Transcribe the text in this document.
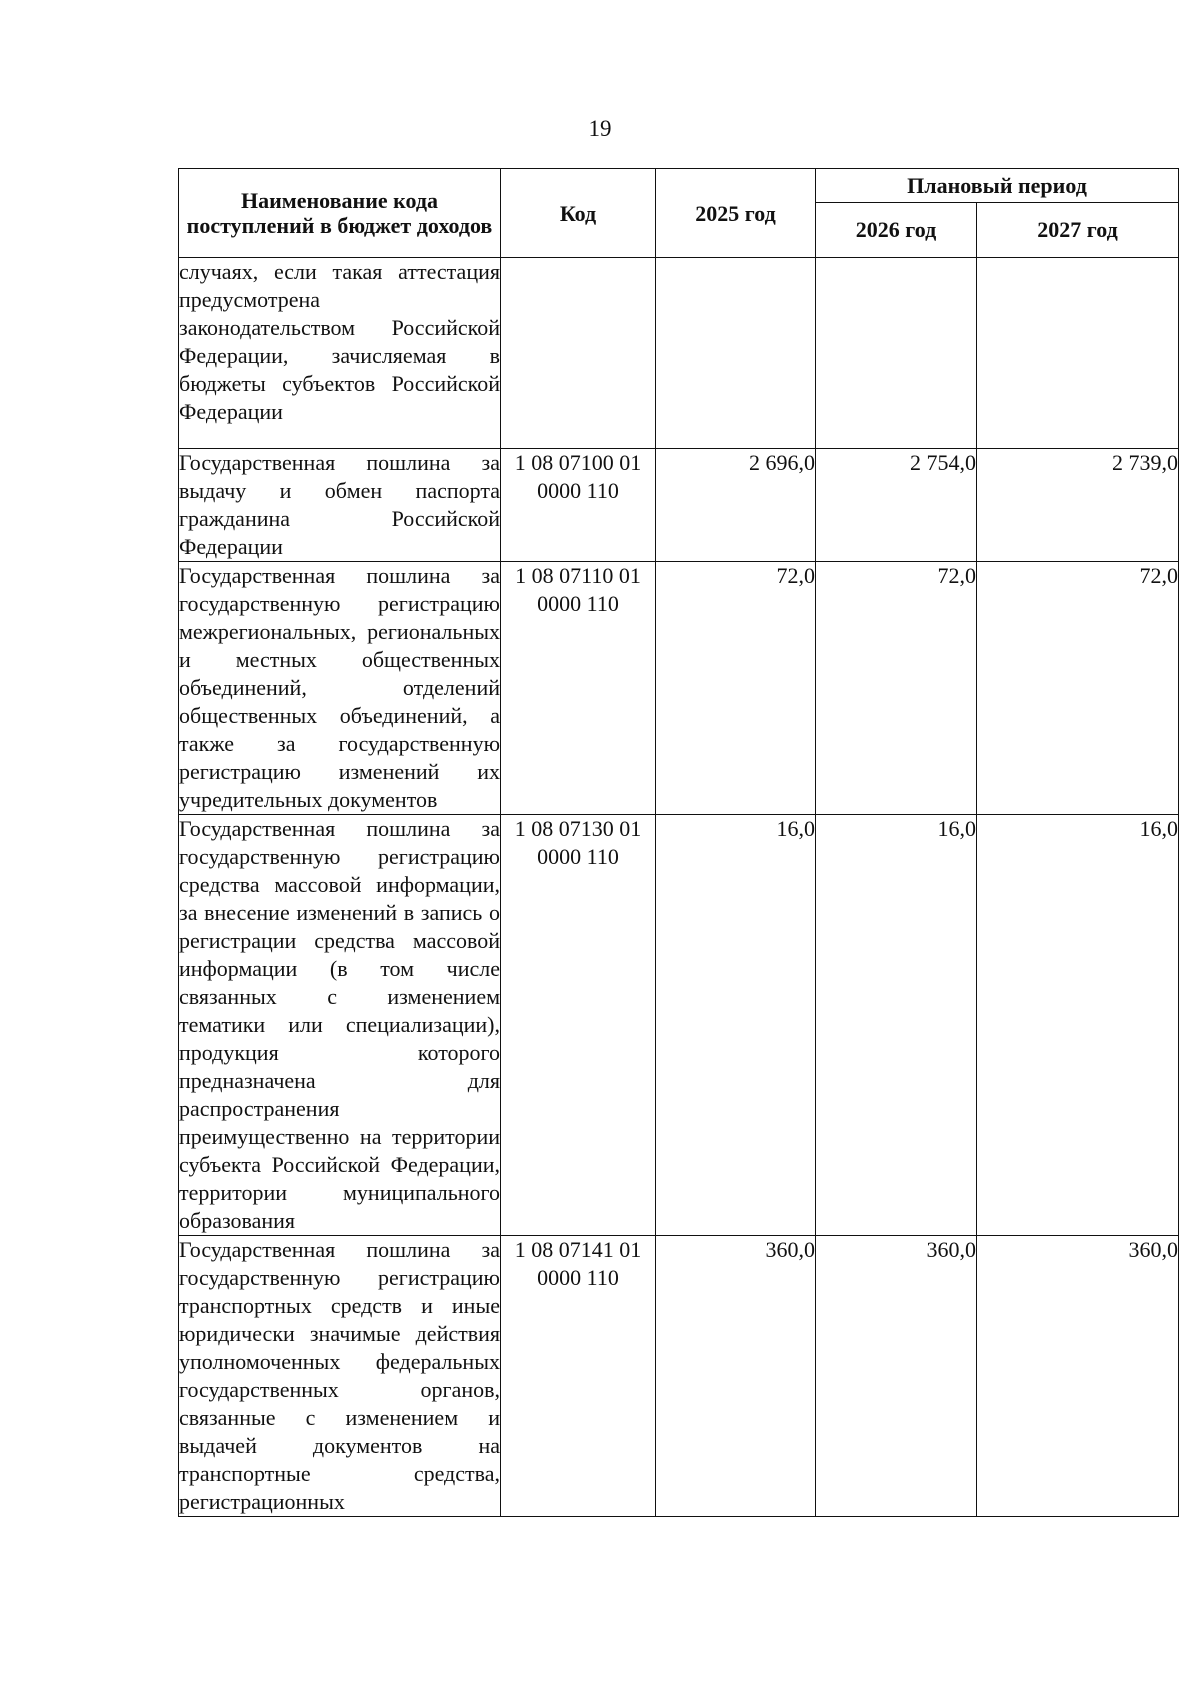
19
Наименование кода поступлений в бюджет доходов	Код	2025 год	Плановый период	
			2026 год	2027 год
случаях, если такая аттестация предусмотрена законодательством Российской Федерации, зачисляемая в бюджеты субъектов Российской Федерации				
Государственная пошлина за выдачу и обмен паспорта гражданина Российской Федерации	1 08 07100 01 0000 110	2 696,0	2 754,0	2 739,0
Государственная пошлина за государственную регистрацию межрегиональных, региональных и местных общественных объединений, отделений общественных объединений, а также за государственную регистрацию изменений их учредительных документов	1 08 07110 01 0000 110	72,0	72,0	72,0
Государственная пошлина за государственную регистрацию средства массовой информации, за внесение изменений в запись о регистрации средства массовой информации (в том числе связанных с изменением тематики или специализации), продукция которого предназначена для распространения преимущественно на территории субъекта Российской Федерации, территории муниципального образования	1 08 07130 01 0000 110	16,0	16,0	16,0
Государственная пошлина за государственную регистрацию транспортных средств и иные юридически значимые действия уполномоченных федеральных государственных органов, связанные с изменением и выдачей документов на транспортные средства, регистрационных	1 08 07141 01 0000 110	360,0	360,0	360,0
